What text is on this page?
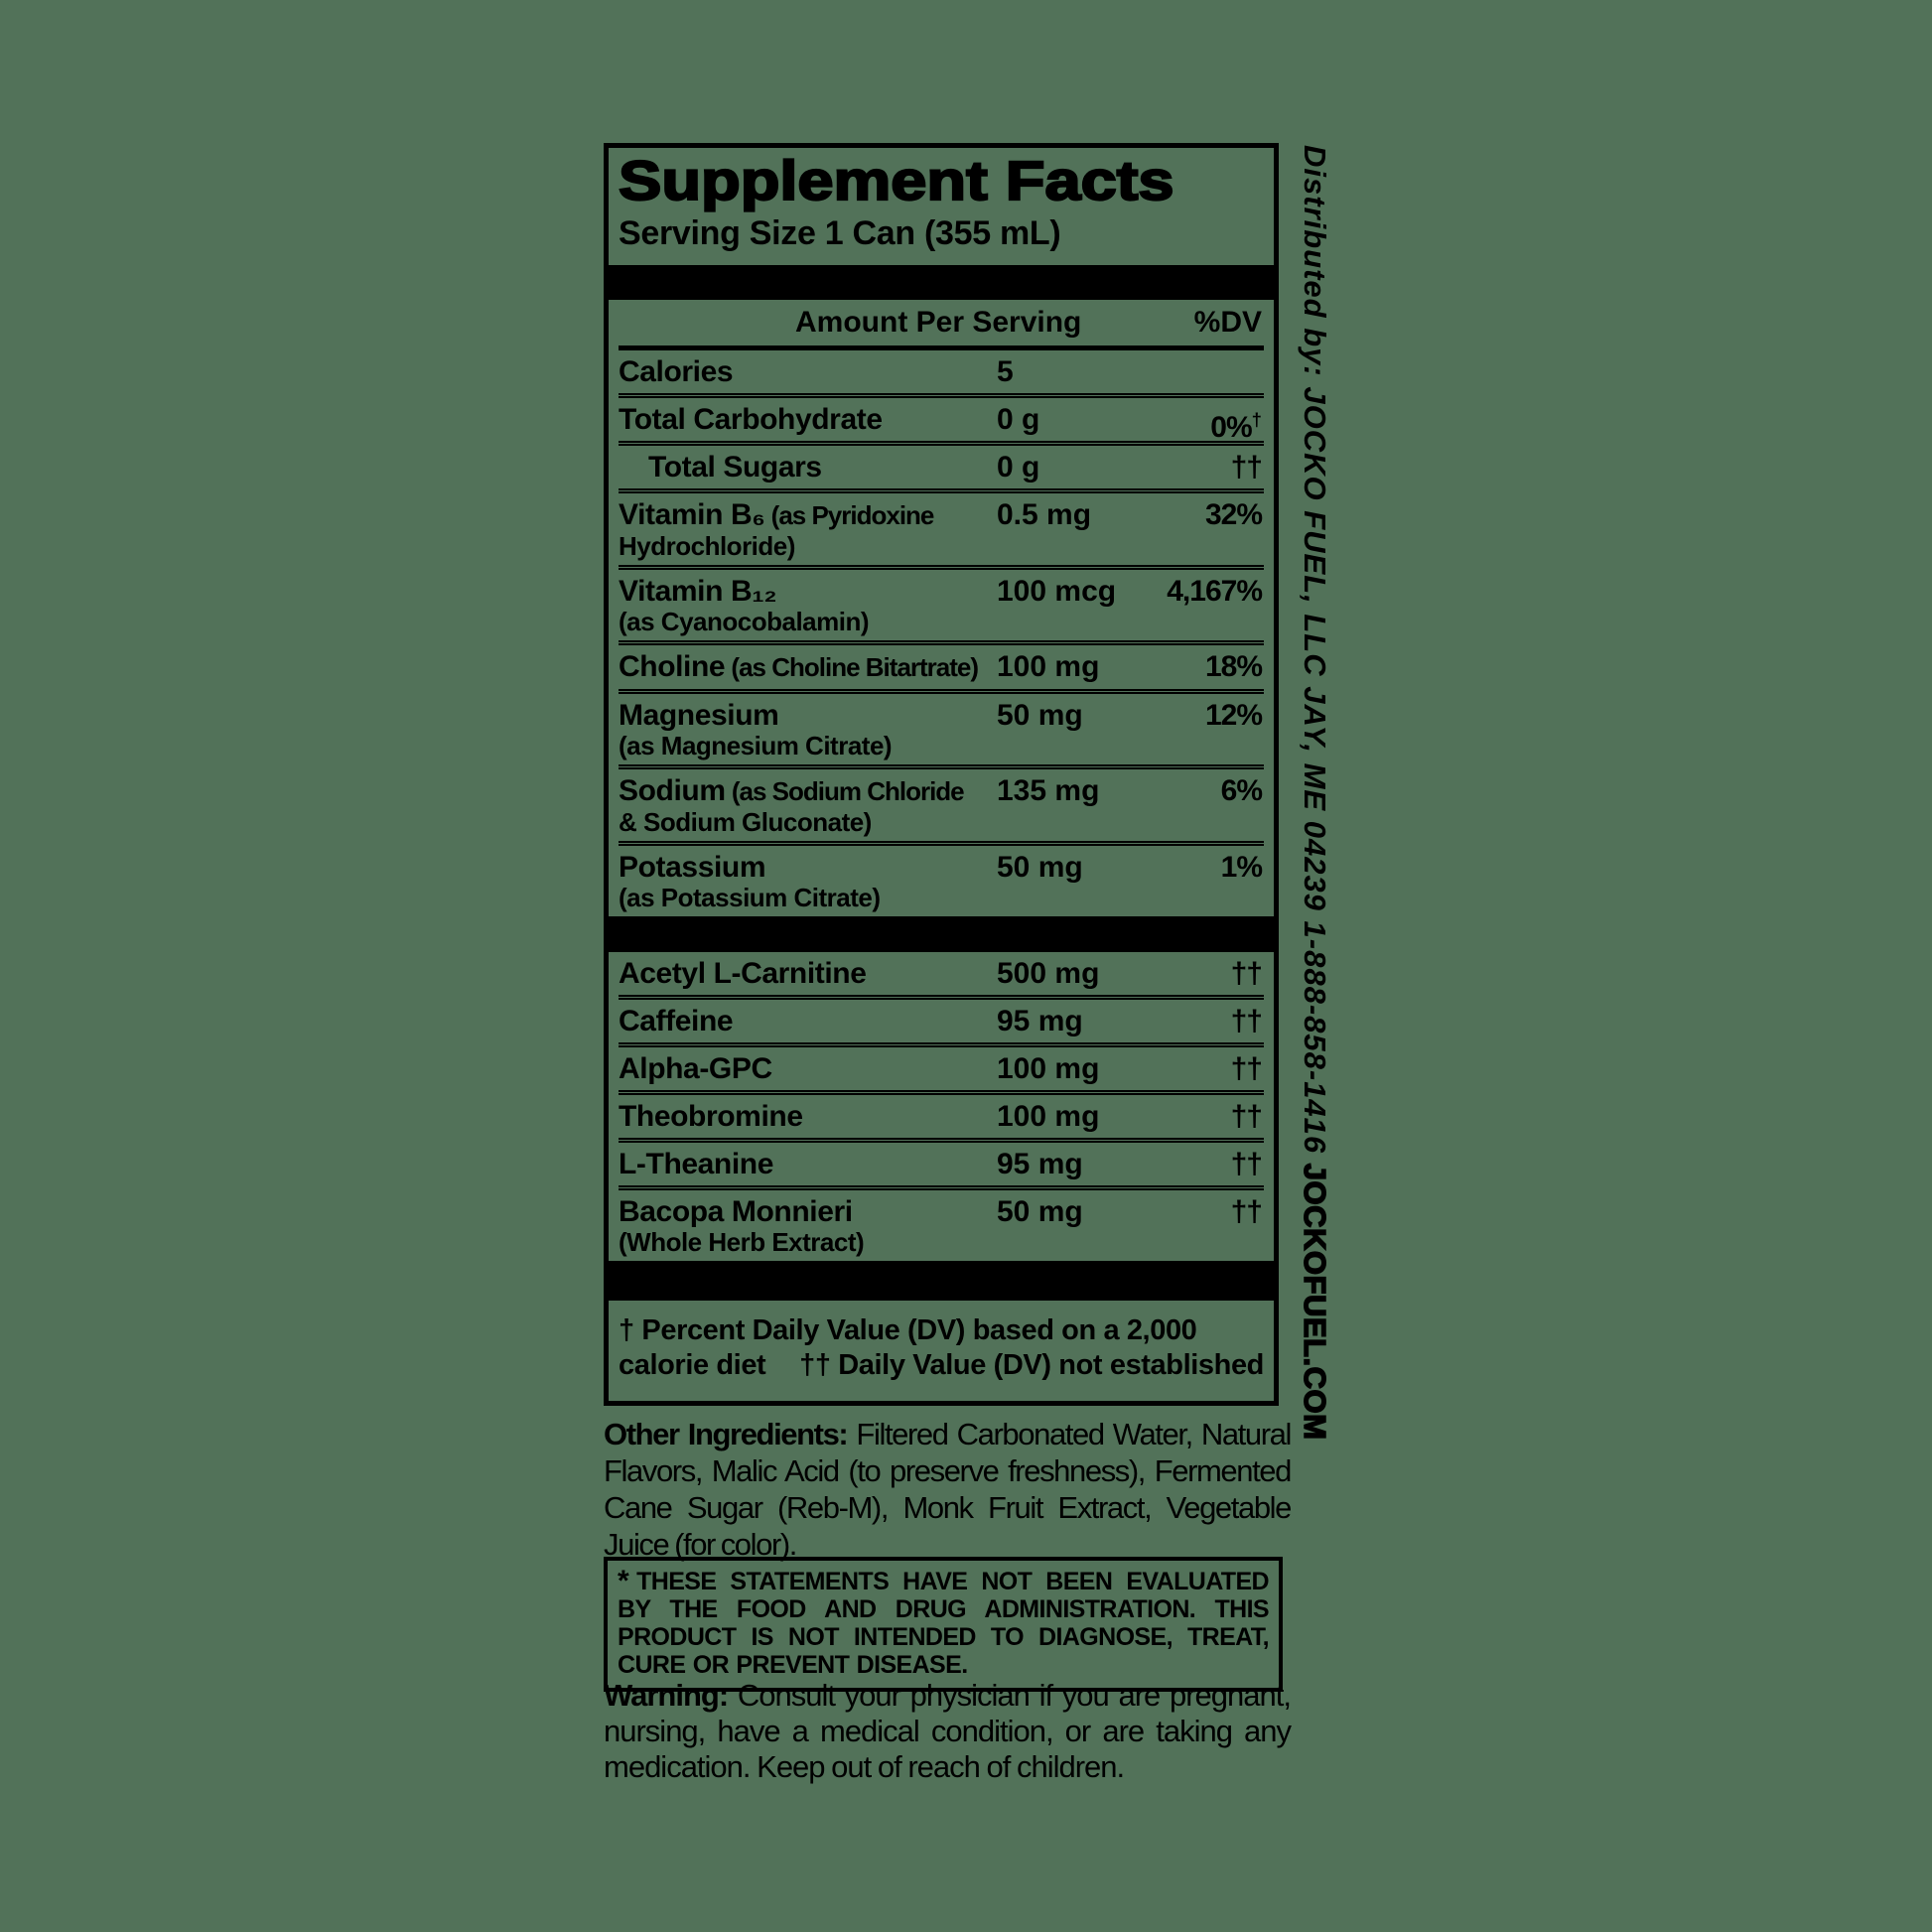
Supplement Facts
Serving Size 1 Can (355 mL)
Amount Per Serving	%DV
Calories	5
Total Carbohydrate	0 g	0%†
Total Sugars	0 g	††
Vitamin B₆ (as Pyridoxine
Hydrochloride)
0.5 mg	32%
Vitamin B₁₂
(as Cyanocobalamin)
100 mcg 4,167%
Choline (as Choline Bitartrate) 100 mg	18%
Magnesium
(as Magnesium Citrate)
50 mg	12%
Sodium (as Sodium Chloride
& Sodium Gluconate)
135 mg	6%
Potassium
(as Potassium Citrate)
50 mg	1%
Acetyl L-Carnitine	500 mg	††
Caffeine	95 mg	††
Alpha-GPC	100 mg	††
Theobromine	100 mg	††
L-Theanine	95 mg	††
Bacopa Monnieri
(Whole Herb Extract)
50 mg	††
† Percent Daily Value (DV) based on a 2,000
calorie diet †† Daily Value (DV) not established
Distributed by: JOCKO FUEL, LLC JAY, ME 04239 1-888-858-1416 JOCKOFUEL.COM
Other Ingredients: Filtered Carbonated Water, Natural Flavors, Malic Acid (to preserve freshness), Fermented Cane Sugar (Reb-M), Monk Fruit Extract, Vegetable Juice (for color).
* THESE STATEMENTS HAVE NOT BEEN EVALUATED BY THE FOOD AND DRUG ADMINISTRATION. THIS PRODUCT IS NOT INTENDED TO DIAGNOSE, TREAT, CURE OR PREVENT DISEASE.
Warning: Consult your physician if you are pregnant, nursing, have a medical condition, or are taking any medication. Keep out of reach of children.
